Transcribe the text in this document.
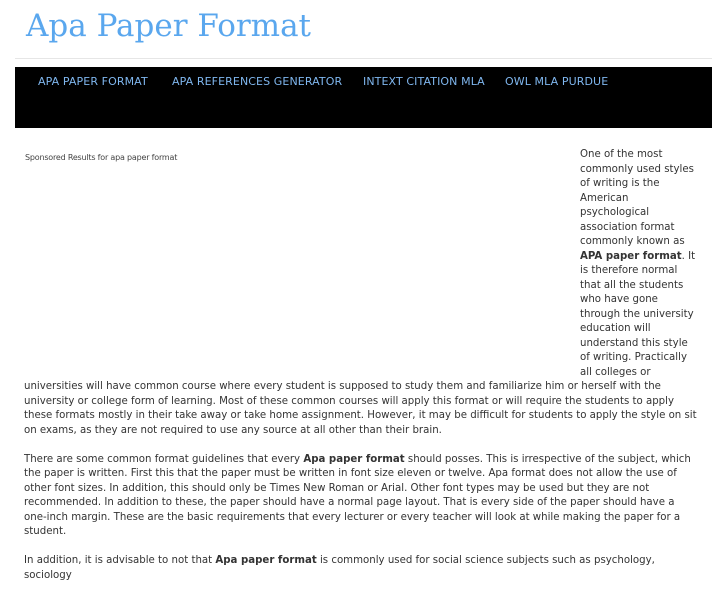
Apa Paper Format
APA PAPER FORMAT APA REFERENCES GENERATOR INTEXT CITATION MLA OWL MLA PURDUE
Sponsored Results for apa paper format	One of the most commonly used styles of writing is the American psychological association format commonly known as APA paper format. It is therefore normal that all the students who have gone through the university education will understand this style of writing. Practically all colleges or universities will have common course where every student is supposed to study them and familiarize him or herself with the university or college form of learning. Most of these common courses will apply this format or will require the students to apply these formats mostly in their take away or take home assignment. However, it may be difficult for students to apply the style on sit on exams, as they are not required to use any source at all other than their brain.

There are some common format guidelines that every Apa paper format should posses. This is irrespective of the subject, which the paper is written. First this that the paper must be written in font size eleven or twelve. Apa format does not allow the use of other font sizes. In addition, this should only be Times New Roman or Arial. Other font types may be used but they are not recommended. In addition to these, the paper should have a normal page layout. That is every side of the paper should have a one-inch margin. These are the basic requirements that every lecturer or every teacher will look at while making the paper for a student.

In addition, it is advisable to not that Apa paper format is commonly used for social science subjects such as psychology, sociology
